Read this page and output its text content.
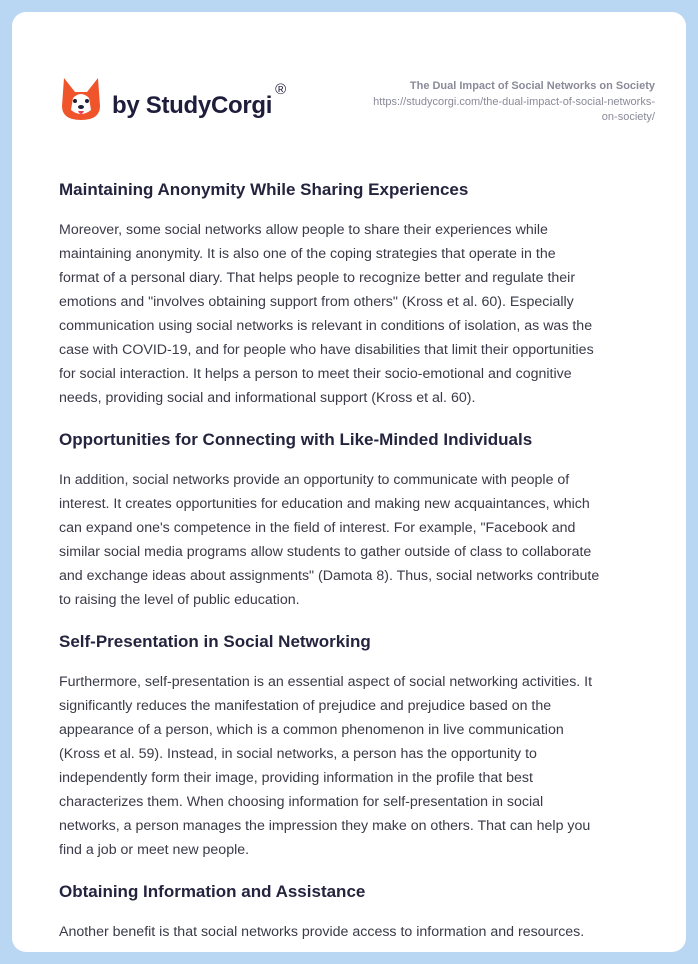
by StudyCorgi
®	The Dual Impact of Social Networks on Society
https://studycorgi.com/the-dual-impact-of-social-networks-
on-society/
Maintaining Anonymity While Sharing Experiences
Moreover, some social networks allow people to share their experiences while
maintaining anonymity. It is also one of the coping strategies that operate in the
format of a personal diary. That helps people to recognize better and regulate their
emotions and "involves obtaining support from others" (Kross et al. 60). Especially
communication using social networks is relevant in conditions of isolation, as was the
case with COVID-19, and for people who have disabilities that limit their opportunities
for social interaction. It helps a person to meet their socio-emotional and cognitive
needs, providing social and informational support (Kross et al. 60).
Opportunities for Connecting with Like-Minded Individuals
In addition, social networks provide an opportunity to communicate with people of
interest. It creates opportunities for education and making new acquaintances, which
can expand one's competence in the field of interest. For example, "Facebook and
similar social media programs allow students to gather outside of class to collaborate
and exchange ideas about assignments" (Damota 8). Thus, social networks contribute
to raising the level of public education.
Self-Presentation in Social Networking
Furthermore, self-presentation is an essential aspect of social networking activities. It
significantly reduces the manifestation of prejudice and prejudice based on the
appearance of a person, which is a common phenomenon in live communication
(Kross et al. 59). Instead, in social networks, a person has the opportunity to
independently form their image, providing information in the profile that best
characterizes them. When choosing information for self-presentation in social
networks, a person manages the impression they make on others. That can help you
find a job or meet new people.
Obtaining Information and Assistance
Another benefit is that social networks provide access to information and resources.
